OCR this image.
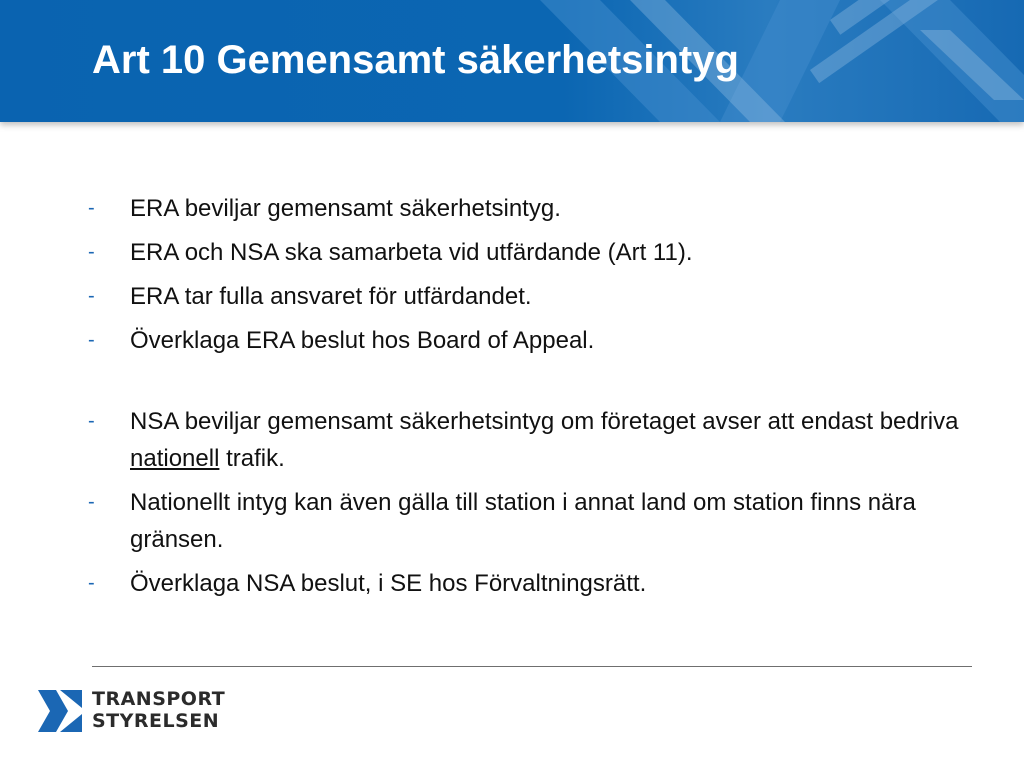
Art 10 Gemensamt säkerhetsintyg
- ERA beviljar gemensamt säkerhetsintyg.
- ERA och NSA ska samarbeta vid utfärdande (Art 11).
- ERA tar fulla ansvaret för utfärdandet.
- Överklaga ERA beslut hos Board of Appeal.
- NSA beviljar gemensamt säkerhetsintyg om företaget avser att endast bedriva nationell trafik.
- Nationellt intyg kan även gälla till station i annat land om station finns nära gränsen.
- Överklaga NSA beslut, i SE hos Förvaltningsrätt.
TRANSPORT
STYRELSEN
